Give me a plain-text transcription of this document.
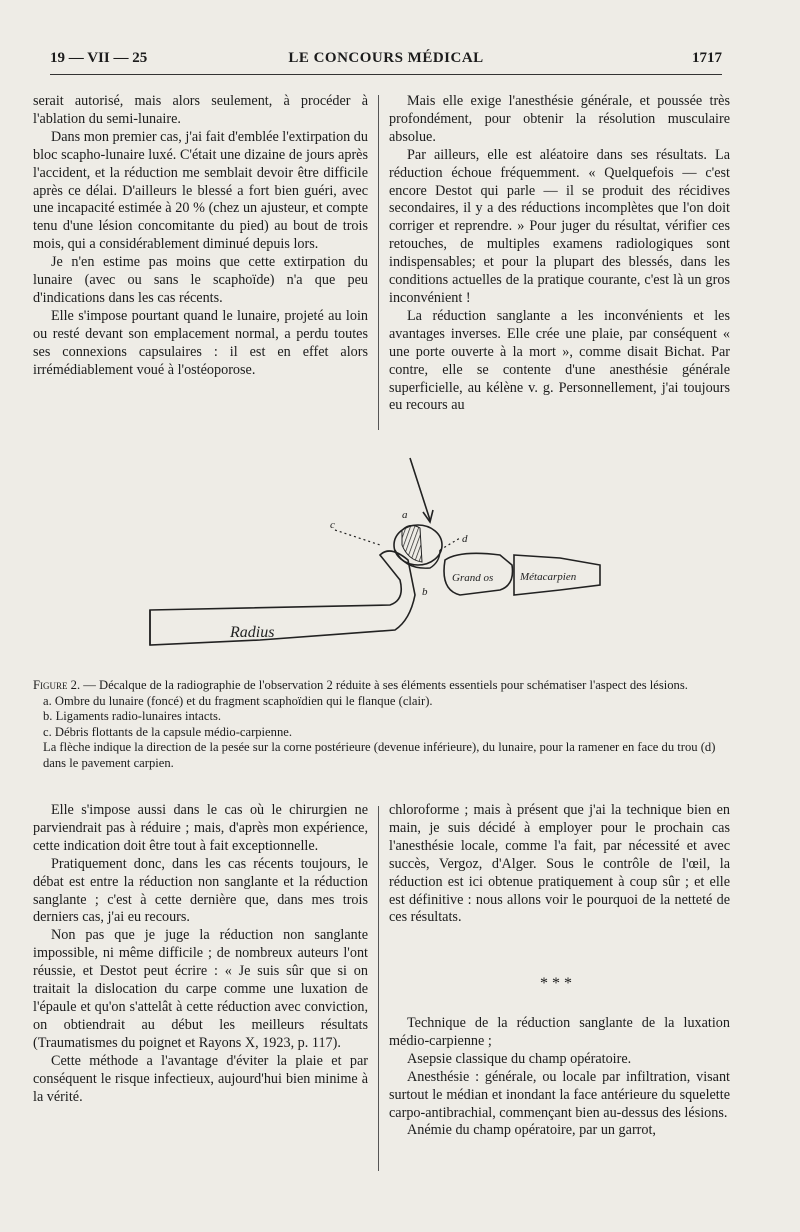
19 — VII — 25	LE CONCOURS MÉDICAL	1717

serait autorisé, mais alors seulement, à procéder à l'ablation du semi-lunaire.

Dans mon premier cas, j'ai fait d'emblée l'extirpation du bloc scapho-lunaire luxé. C'était une dizaine de jours après l'accident, et la réduction me semblait devoir être difficile après ce délai. D'ailleurs le blessé a fort bien guéri, avec une incapacité estimée à 20 % (chez un ajusteur, et compte tenu d'une lésion concomitante du pied) au bout de trois mois, qui a considérablement diminué depuis lors.

Je n'en estime pas moins que cette extirpation du lunaire (avec ou sans le scaphoïde) n'a que peu d'indications dans les cas récents.

Elle s'impose pourtant quand le lunaire, projeté au loin ou resté devant son emplacement normal, a perdu toutes ses connexions capsulaires : il est en effet alors irrémédiablement voué à l'ostéoporose.

Mais elle exige l'anesthésie générale, et poussée très profondément, pour obtenir la résolution musculaire absolue.

Par ailleurs, elle est aléatoire dans ses résultats. La réduction échoue fréquemment. « Quelquefois — c'est encore Destot qui parle — il se produit des récidives secondaires, il y a des réductions incomplètes que l'on doit corriger et reprendre. » Pour juger du résultat, vérifier ces retouches, de multiples examens radiologiques sont indispensables; et pour la plupart des blessés, dans les conditions actuelles de la pratique courante, c'est là un gros inconvénient !

La réduction sanglante a les inconvénients et les avantages inverses. Elle crée une plaie, par conséquent « une porte ouverte à la mort », comme disait Bichat. Par contre, elle se contente d'une anesthésie générale superficielle, au kélène v. g. Personnellement, j'ai toujours eu recours au

Radius
Grand os Métacarpien
c
a
b
d
Figure 2. — Décalque de la radiographie de l'observation 2 réduite à ses éléments essentiels pour schématiser l'aspect des lésions.
a. Ombre du lunaire (foncé) et du fragment scaphoïdien qui le flanque (clair).
b. Ligaments radio-lunaires intacts.
c. Débris flottants de la capsule médio-carpienne.
La flèche indique la direction de la pesée sur la corne postérieure (devenue inférieure), du lunaire, pour la ramener en face du trou (d) dans le pavement carpien.

Elle s'impose aussi dans le cas où le chirurgien ne parviendrait pas à réduire ; mais, d'après mon expérience, cette indication doit être tout à fait exceptionnelle.

Pratiquement donc, dans les cas récents toujours, le débat est entre la réduction non sanglante et la réduction sanglante ; c'est à cette dernière que, dans mes trois derniers cas, j'ai eu recours.

Non pas que je juge la réduction non sanglante impossible, ni même difficile ; de nombreux auteurs l'ont réussie, et Destot peut écrire : « Je suis sûr que si on traitait la dislocation du carpe comme une luxation de l'épaule et qu'on s'attelât à cette réduction avec conviction, on obtiendrait au début les meilleurs résultats (Traumatismes du poignet et Rayons X, 1923, p. 117).

Cette méthode a l'avantage d'éviter la plaie et par conséquent le risque infectieux, aujourd'hui bien minime à la vérité.

chloroforme ; mais à présent que j'ai la technique bien en main, je suis décidé à employer pour le prochain cas l'anesthésie locale, comme l'a fait, par nécessité et avec succès, Vergoz, d'Alger. Sous le contrôle de l'œil, la réduction est ici obtenue pratiquement à coup sûr ; et elle est définitive : nous allons voir le pourquoi de la netteté de ces résultats.

* * *

Technique de la réduction sanglante de la luxation médio-carpienne ;

Asepsie classique du champ opératoire.

Anesthésie : générale, ou locale par infiltration, visant surtout le médian et inondant la face antérieure du squelette carpo-antibrachial, commençant bien au-dessus des lésions.

Anémie du champ opératoire, par un garrot,
